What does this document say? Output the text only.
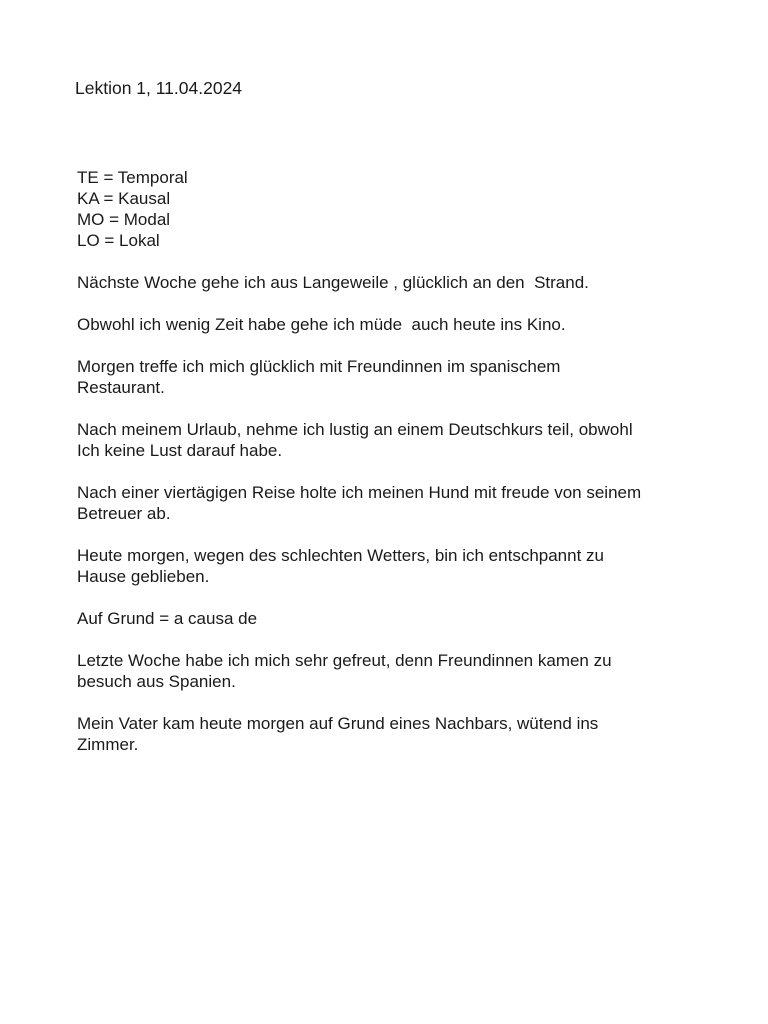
Lektion 1, 11.04.2024
TE = Temporal
KA = Kausal
MO = Modal
LO = Lokal
Nächste Woche gehe ich aus Langeweile , glücklich an den  Strand.
Obwohl ich wenig Zeit habe gehe ich müde  auch heute ins Kino.
Morgen treffe ich mich glücklich mit Freundinnen im spanischem
Restaurant.
Nach meinem Urlaub, nehme ich lustig an einem Deutschkurs teil, obwohl
Ich keine Lust darauf habe.
Nach einer viertägigen Reise holte ich meinen Hund mit freude von seinem
Betreuer ab.
Heute morgen, wegen des schlechten Wetters, bin ich entschpannt zu
Hause geblieben.
Auf Grund = a causa de
Letzte Woche habe ich mich sehr gefreut, denn Freundinnen kamen zu
besuch aus Spanien.
Mein Vater kam heute morgen auf Grund eines Nachbars, wütend ins
Zimmer.
